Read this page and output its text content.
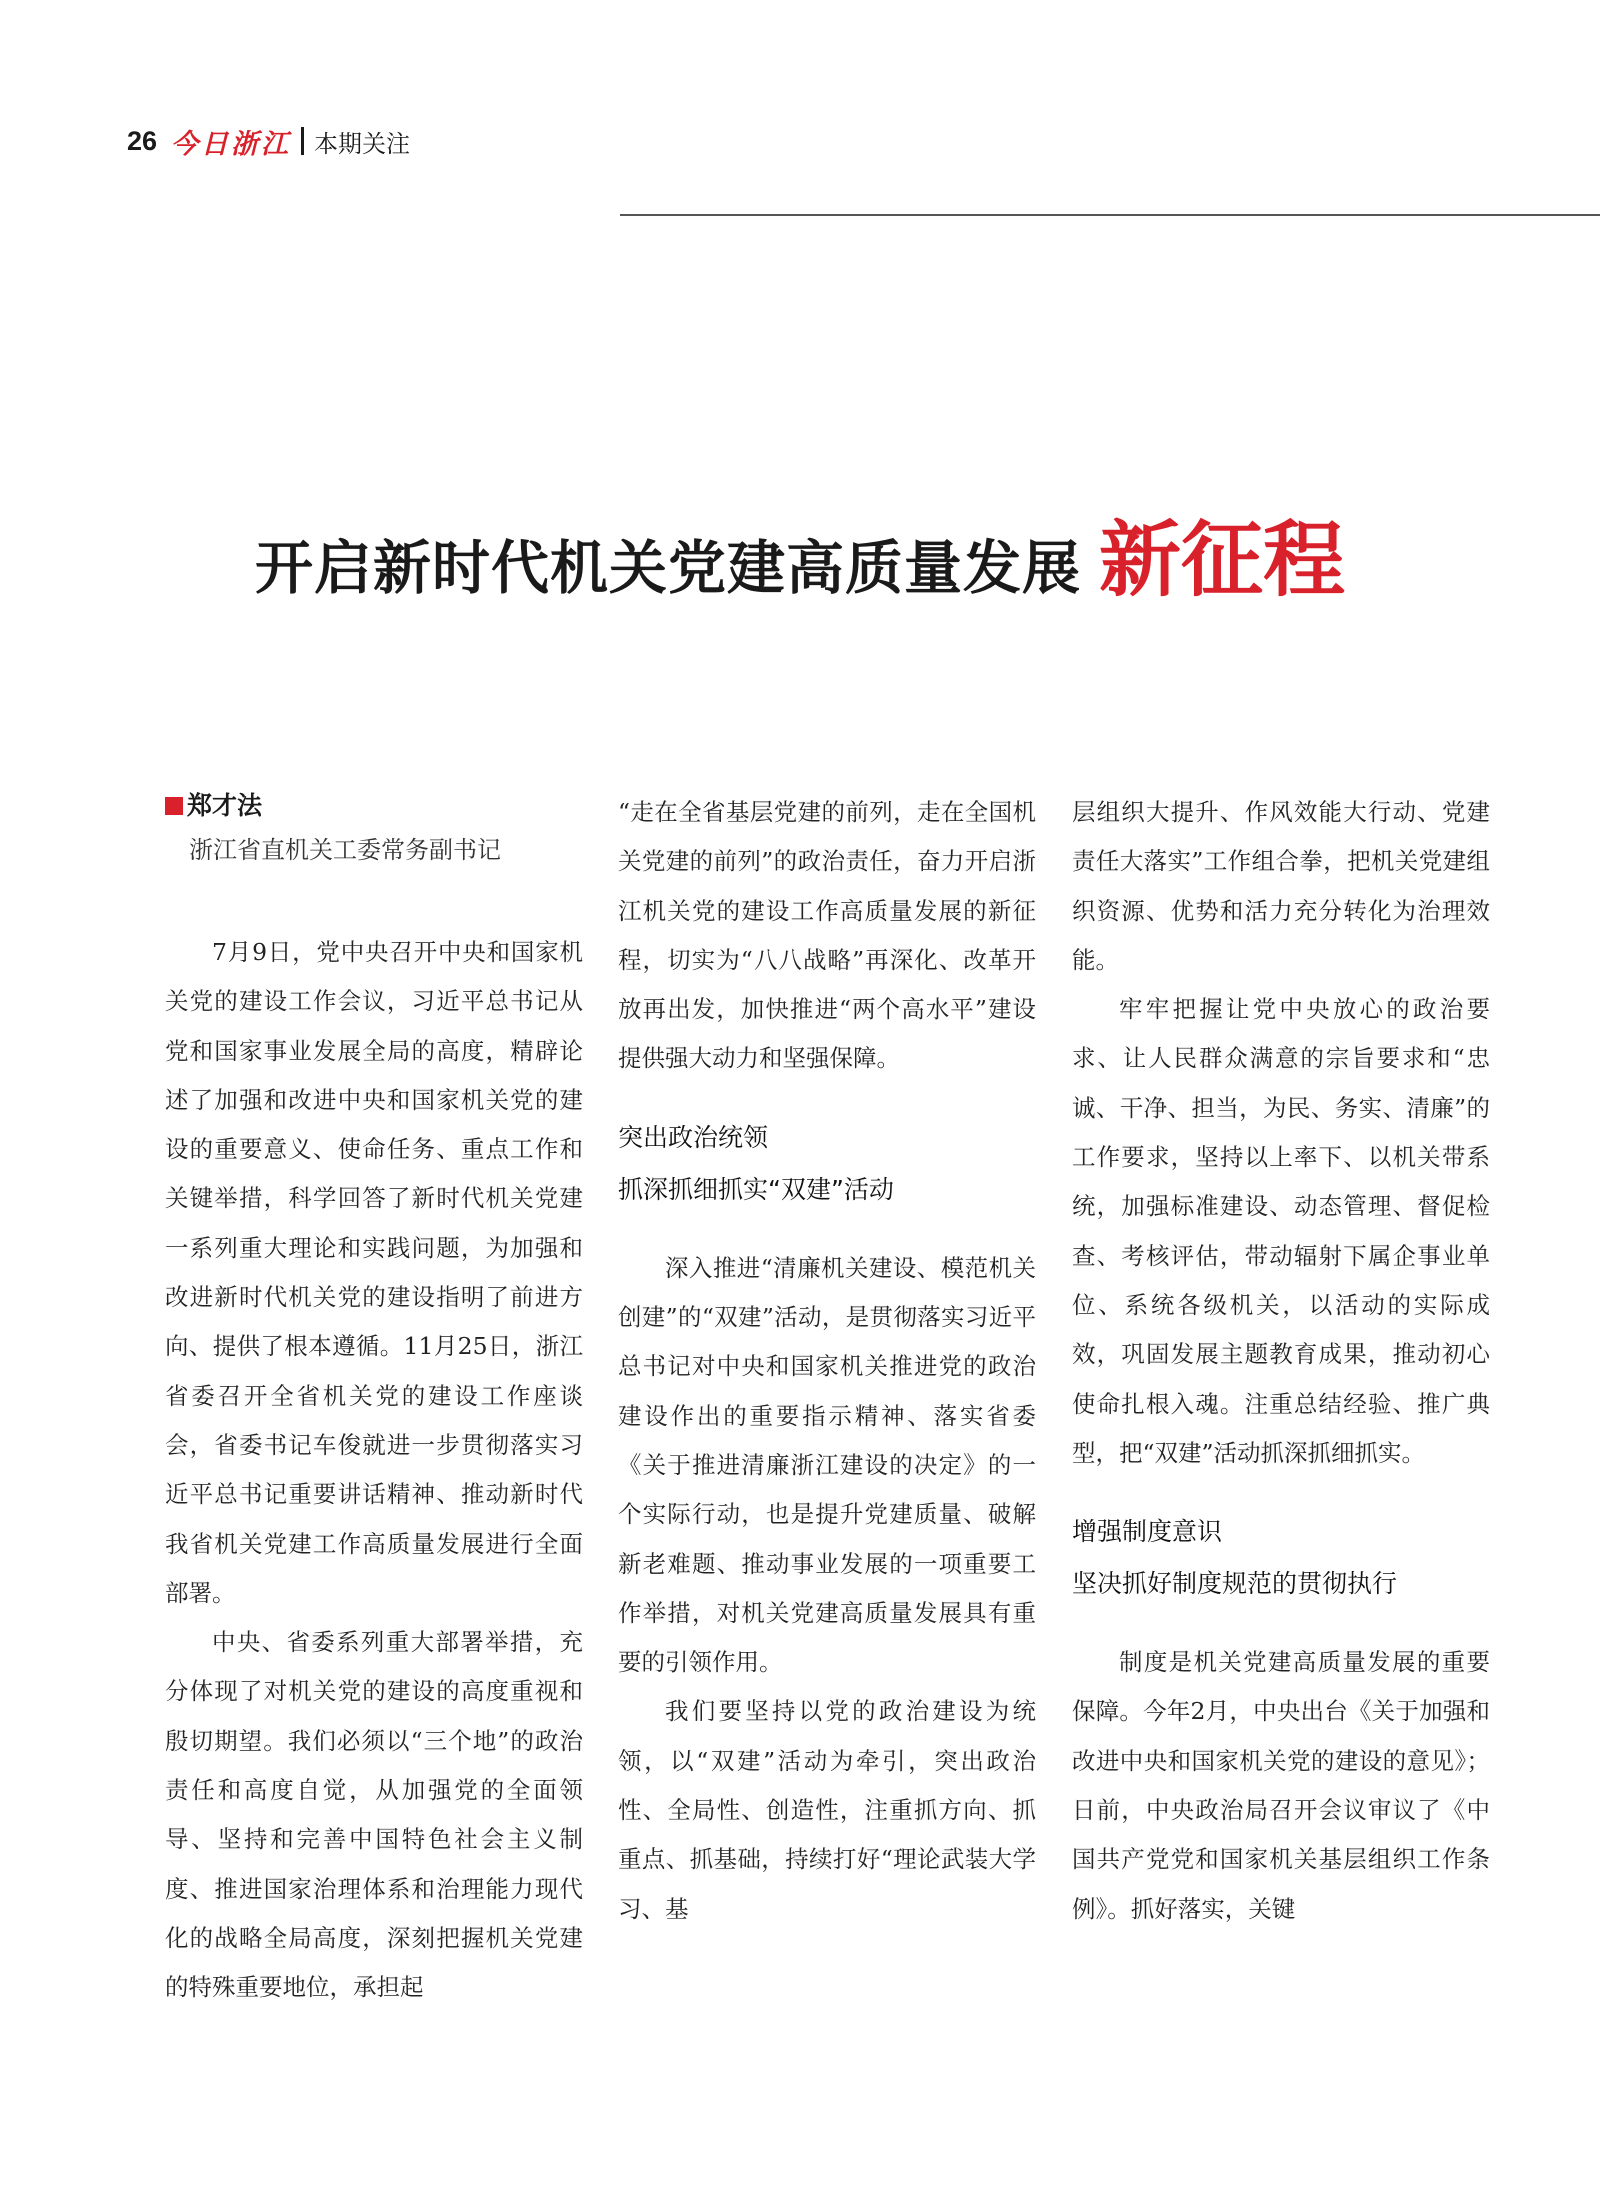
26 今日浙江 本期关注
开启新时代机关党建高质量发展 新征程
郑才法
浙江省直机关工委常务副书记

7月9日，党中央召开中央和国家机关党的建设工作会议，习近平总书记从党和国家事业发展全局的高度，精辟论述了加强和改进中央和国家机关党的建设的重要意义、使命任务、重点工作和关键举措，科学回答了新时代机关党建一系列重大理论和实践问题，为加强和改进新时代机关党的建设指明了前进方向、提供了根本遵循。11月25日，浙江省委召开全省机关党的建设工作座谈会，省委书记车俊就进一步贯彻落实习近平总书记重要讲话精神、推动新时代我省机关党建工作高质量发展进行全面部署。

中央、省委系列重大部署举措，充分体现了对机关党的建设的高度重视和殷切期望。我们必须以“三个地”的政治责任和高度自觉，从加强党的全面领导、坚持和完善中国特色社会主义制度、推进国家治理体系和治理能力现代化的战略全局高度，深刻把握机关党建的特殊重要地位，承担起

“走在全省基层党建的前列，走在全国机关党建的前列”的政治责任，奋力开启浙江机关党的建设工作高质量发展的新征程，切实为“八八战略”再深化、改革开放再出发，加快推进“两个高水平”建设提供强大动力和坚强保障。
突出政治统领
抓深抓细抓实“双建”活动

深入推进“清廉机关建设、模范机关创建”的“双建”活动，是贯彻落实习近平总书记对中央和国家机关推进党的政治建设作出的重要指示精神、落实省委《关于推进清廉浙江建设的决定》的一个实际行动，也是提升党建质量、破解新老难题、推动事业发展的一项重要工作举措，对机关党建高质量发展具有重要的引领作用。

我们要坚持以党的政治建设为统领，以“双建”活动为牵引，突出政治性、全局性、创造性，注重抓方向、抓重点、抓基础，持续打好“理论武装大学习、基

层组织大提升、作风效能大行动、党建责任大落实”工作组合拳，把机关党建组织资源、优势和活力充分转化为治理效能。

牢牢把握让党中央放心的政治要求、让人民群众满意的宗旨要求和“忠诚、干净、担当，为民、务实、清廉”的工作要求，坚持以上率下、以机关带系统，加强标准建设、动态管理、督促检查、考核评估，带动辐射下属企事业单位、系统各级机关，以活动的实际成效，巩固发展主题教育成果，推动初心使命扎根入魂。注重总结经验、推广典型，把“双建”活动抓深抓细抓实。

增强制度意识
坚决抓好制度规范的贯彻执行

制度是机关党建高质量发展的重要保障。今年2月，中央出台《关于加强和改进中央和国家机关党的建设的意见》；日前，中央政治局召开会议审议了《中国共产党党和国家机关基层组织工作条例》。抓好落实，关键
